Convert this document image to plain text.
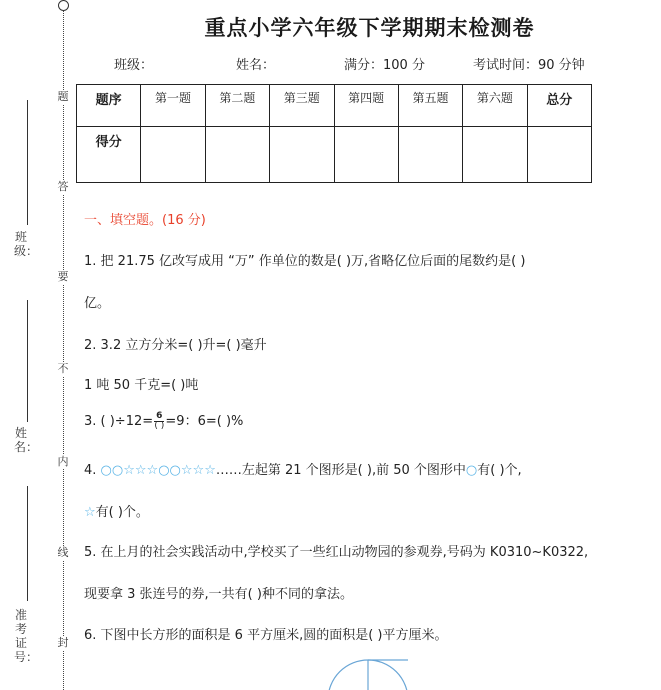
题
答
要
不
内
线
封
班级：
姓名：
准考证号：
重点小学六年级下学期期末检测卷
班级：	姓名：	满分：100 分	考试时间：90 分钟
题序	第一题	第二题	第三题	第四题	第五题	第六题	总分
得分							
一、填空题。(16 分)
1. 把 21.75 亿改写成用 “万” 作单位的数是( )万,省略亿位后面的尾数约是( )
亿。
2. 3.2 立方分米=( )升=( )毫升
1 吨 50 千克=( )吨
3. ( )$\div 12= \frac{6}{( )} =9$：6=( )%
4. ○○☆☆☆○○☆☆☆……左起第 21 个图形是( ),前 50 个图形中○有( )个,
☆有( )个。
5. 在上月的社会实践活动中,学校买了一些红山动物园的参观券,号码为 K0310~K0322,
现要拿 3 张连号的券,一共有( )种不同的拿法。
6. 下图中长方形的面积是 6 平方厘米,圆的面积是( )平方厘米。
